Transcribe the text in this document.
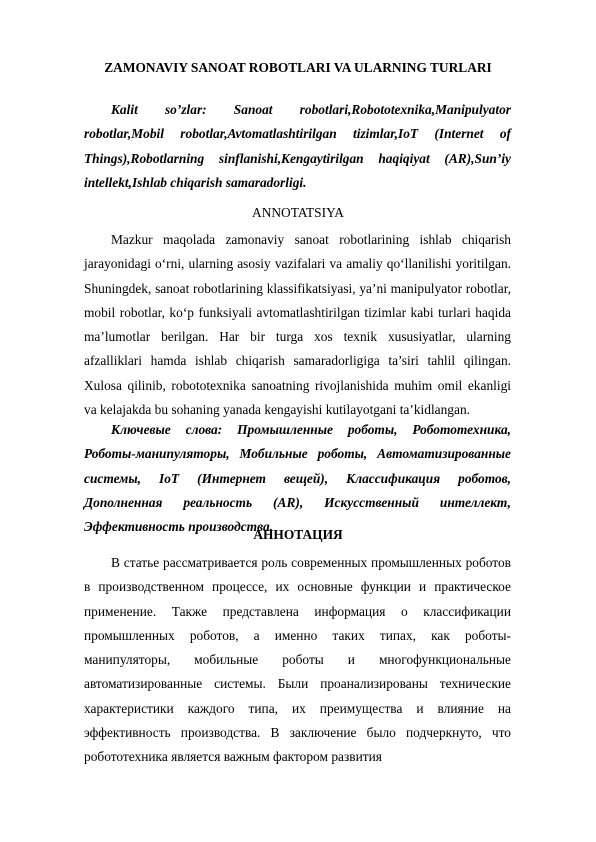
ZAMONAVIY SANOAT ROBOTLARI VA ULARNING TURLARI

Kalit so’zlar: Sanoat robotlari,Robototexnika,Manipulyator robotlar,Mobil robotlar,Avtomatlashtirilgan tizimlar,IoT (Internet of Things),Robotlarning sinflanishi,Kengaytirilgan haqiqiyat (AR),Sun’iy intellekt,Ishlab chiqarish samaradorligi.

ANNOTATSIYA

Mazkur maqolada zamonaviy sanoat robotlarining ishlab chiqarish jarayonidagi o‘rni, ularning asosiy vazifalari va amaliy qo‘llanilishi yoritilgan. Shuningdek, sanoat robotlarining klassifikatsiyasi, ya’ni manipulyator robotlar, mobil robotlar, ko‘p funksiyali avtomatlashtirilgan tizimlar kabi turlari haqida ma’lumotlar berilgan. Har bir turga xos texnik xususiyatlar, ularning afzalliklari hamda ishlab chiqarish samaradorligiga ta’siri tahlil qilingan. Xulosa qilinib, robototexnika sanoatning rivojlanishida muhim omil ekanligi va kelajakda bu sohaning yanada kengayishi kutilayotgani ta’kidlangan.

Ключевые слова: Промышленные роботы, Робототехника, Роботы-манипуляторы, Мобильные роботы, Автоматизированные системы, IoT (Интернет вещей), Классификация роботов, Дополненная реальность (AR), Искусственный интеллект, Эффективность производства.

АННОТАЦИЯ

В статье рассматривается роль современных промышленных роботов в производственном процессе, их основные функции и практическое применение. Также представлена информация о классификации промышленных роботов, а именно таких типах, как роботы-манипуляторы, мобильные роботы и многофункциональные автоматизированные системы. Были проанализированы технические характеристики каждого типа, их преимущества и влияние на эффективность производства. В заключение было подчеркнуто, что робототехника является важным фактором развития
